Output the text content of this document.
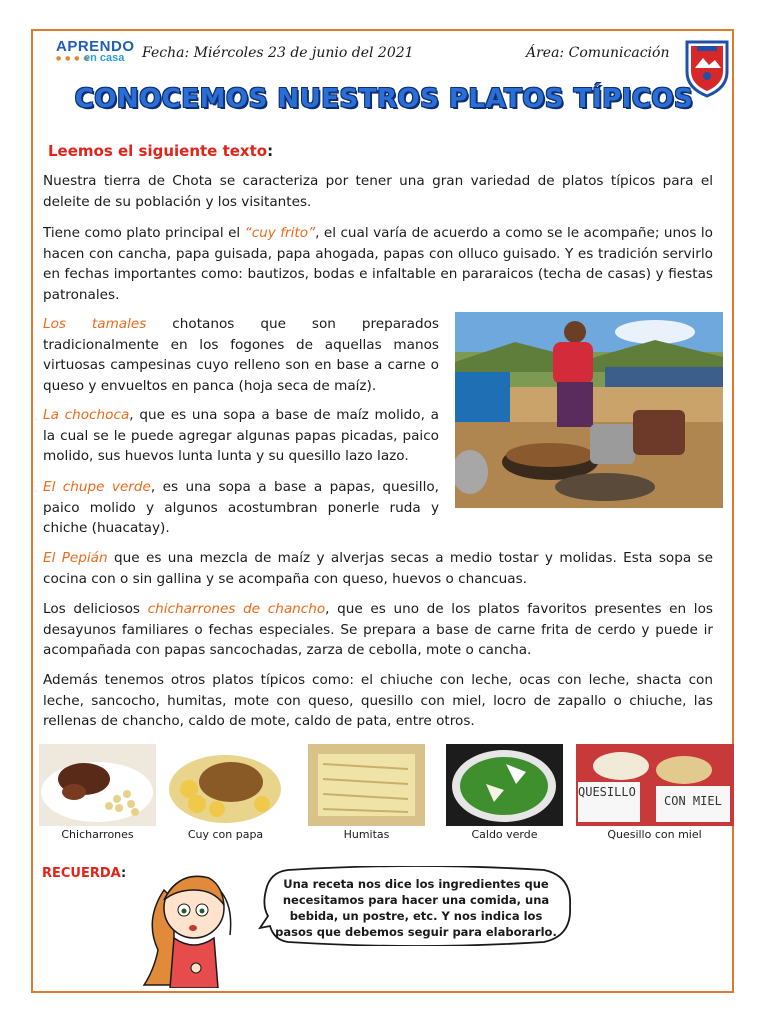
APRENDO
● ● ● ●
en casa Fecha: Miércoles 23 de junio del 2021	Área: Comunicación
CONOCEMOS NUESTROS PLATOS TÍPICOS
Leemos el siguiente texto:

Nuestra tierra de Chota se caracteriza por tener una gran variedad de platos típicos para el deleite de su población y los visitantes.

Tiene como plato principal el “cuy frito”, el cual varía de acuerdo a como se le acompañe; unos lo hacen con cancha, papa guisada, papa ahogada, papas con olluco guisado. Y es tradición servirlo en fechas importantes como: bautizos, bodas e infaltable en pararaicos (techa de casas) y fiestas patronales.

Los tamales chotanos que son preparados tradicionalmente en los fogones de aquellas manos virtuosas campesinas cuyo relleno son en base a carne o queso y envueltos en panca (hoja seca de maíz).

La chochoca, que es una sopa a base de maíz molido, a la cual se le puede agregar algunas papas picadas, paico molido, sus huevos lunta lunta y su quesillo lazo lazo.

El chupe verde, es una sopa a base a papas, quesillo, paico molido y algunos acostumbran ponerle ruda y chiche (huacatay).

El Pepián que es una mezcla de maíz y alverjas secas a medio tostar y molidas. Esta sopa se cocina con o sin gallina y se acompaña con queso, huevos o chancuas.

Los deliciosos chicharrones de chancho, que es uno de los platos favoritos presentes en los desayunos familiares o fechas especiales. Se prepara a base de carne frita de cerdo y puede ir acompañada con papas sancochadas, zarza de cebolla, mote o cancha.

Además tenemos otros platos típicos como: el chiuche con leche, ocas con leche, shacta con leche, sancocho, humitas, mote con queso, quesillo con miel, locro de zapallo o chiuche, las rellenas de chancho, caldo de mote, caldo de pata, entre otros.

Chicharrones	Cuy con papa	Humitas	Caldo verde
QUESILLO
CON MIEL
Quesillo con miel
RECUERDA:
Una receta nos dice los ingredientes que necesitamos para hacer una comida, una bebida, un postre, etc. Y nos indica los pasos que debemos seguir para elaborarlo.
